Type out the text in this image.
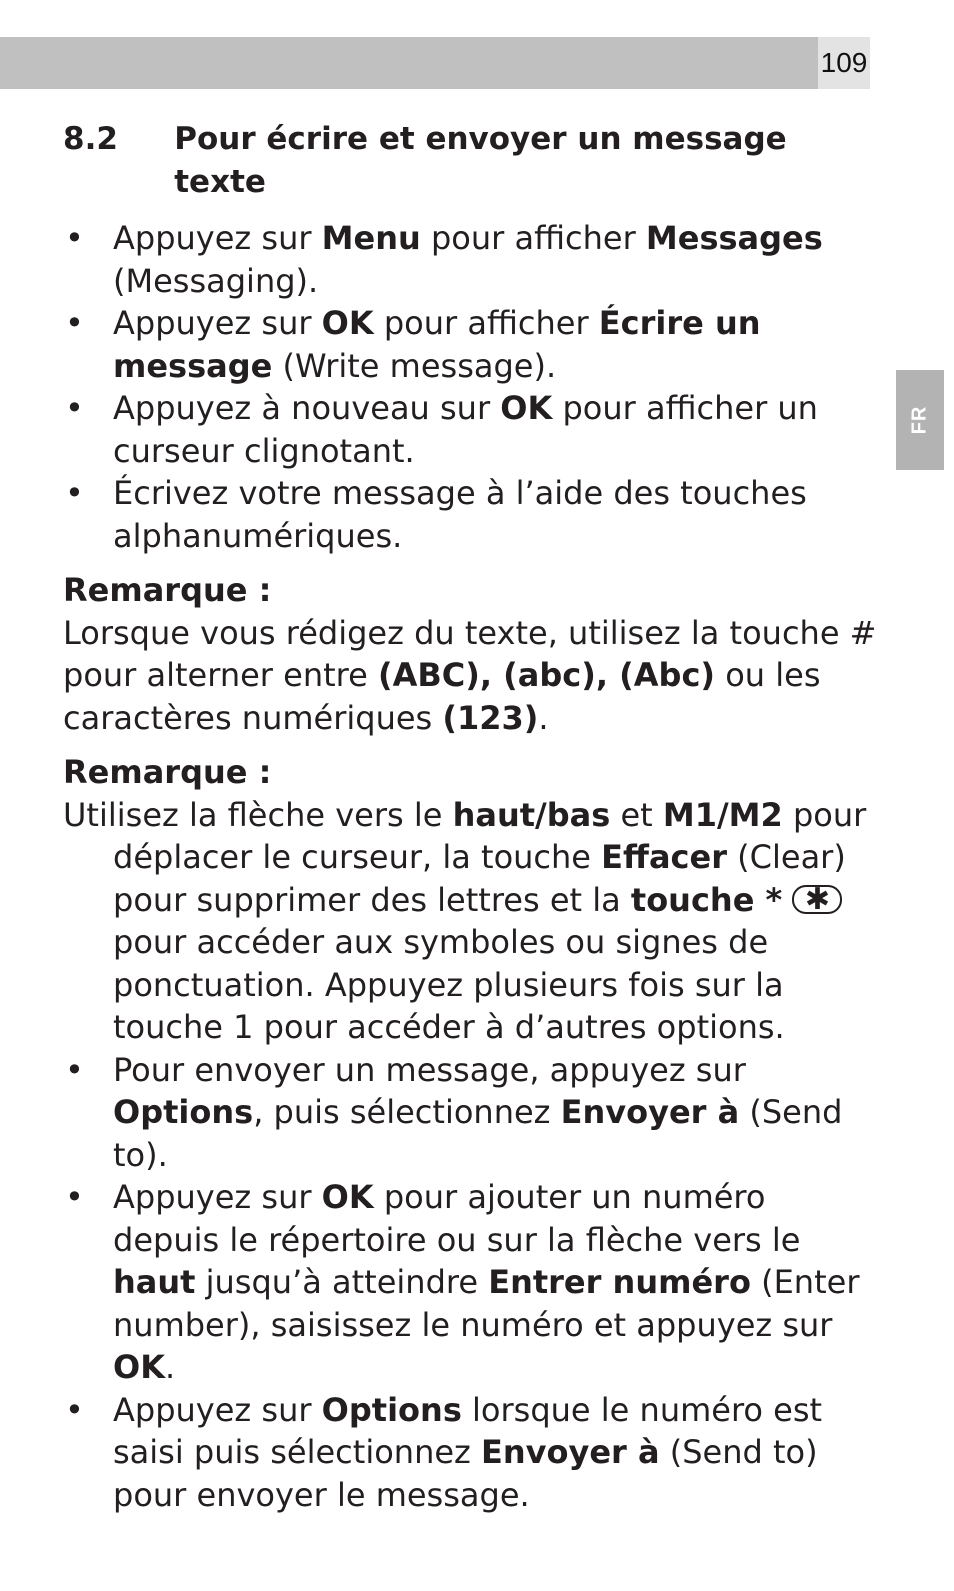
109
FR
8.2	Pour écrire et envoyer un message texte
• Appuyez sur Menu pour afficher Messages (Messaging).
• Appuyez sur OK pour afficher Écrire un message (Write message).
• Appuyez à nouveau sur OK pour afficher un curseur clignotant.
• Écrivez votre message à l’aide des touches alphanumériques.
Remarque :
Lorsque vous rédigez du texte, utilisez la touche # pour alterner entre (ABC), (abc), (Abc) ou les caractères numériques (123).
Remarque :
Utilisez la flèche vers le haut/bas et M1/M2 pour déplacer le curseur, la touche Effacer (Clear) pour supprimer des lettres et la touche * ✱ pour accéder aux symboles ou signes de ponctuation. Appuyez plusieurs fois sur la touche 1 pour accéder à d’autres options.
• Pour envoyer un message, appuyez sur Options, puis sélectionnez Envoyer à (Send to).
• Appuyez sur OK pour ajouter un numéro depuis le répertoire ou sur la flèche vers le haut jusqu’à atteindre Entrer numéro (Enter number), saisissez le numéro et appuyez sur OK.
• Appuyez sur Options lorsque le numéro est saisi puis sélectionnez Envoyer à (Send to) pour envoyer le message.
